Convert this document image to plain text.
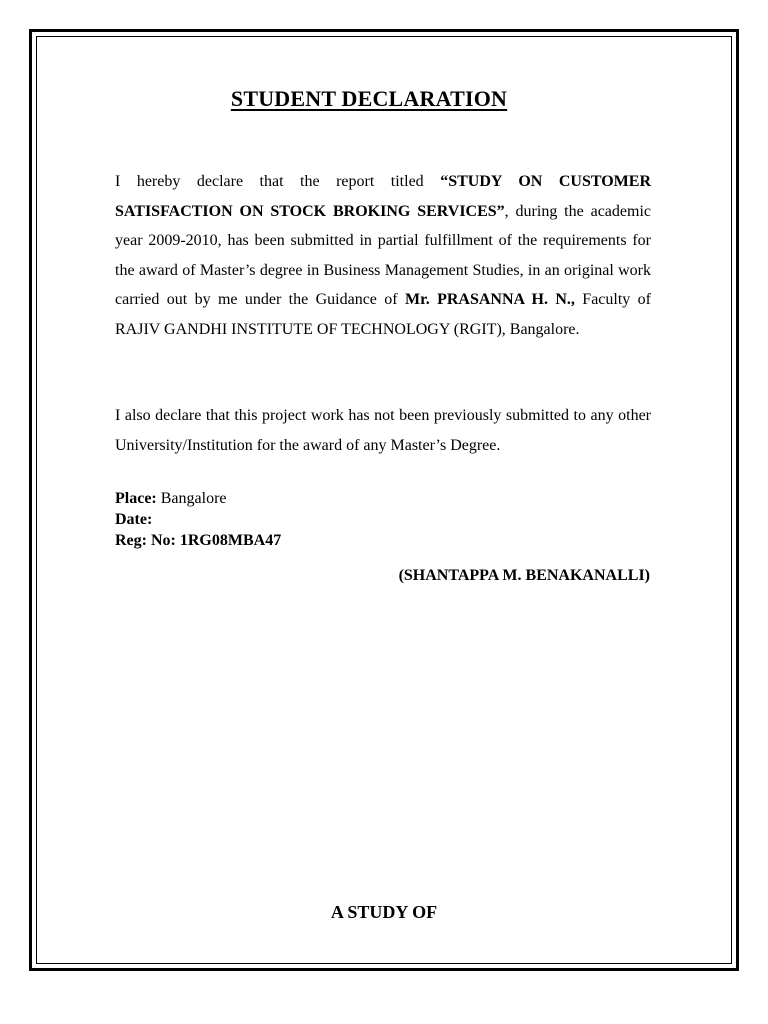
STUDENT DECLARATION
I hereby declare that the report titled “STUDY ON CUSTOMER SATISFACTION ON STOCK BROKING SERVICES”, during the academic year 2009-2010, has been submitted in partial fulfillment of the requirements for the award of Master’s degree in Business Management Studies, in an original work carried out by me under the Guidance of Mr. PRASANNA H. N., Faculty of RAJIV GANDHI INSTITUTE OF TECHNOLOGY (RGIT), Bangalore.
I also declare that this project work has not been previously submitted to any other University/Institution for the award of any Master’s Degree.
Place: Bangalore
Date:
Reg: No: 1RG08MBA47
(SHANTAPPA M. BENAKANALLI)
A STUDY OF
